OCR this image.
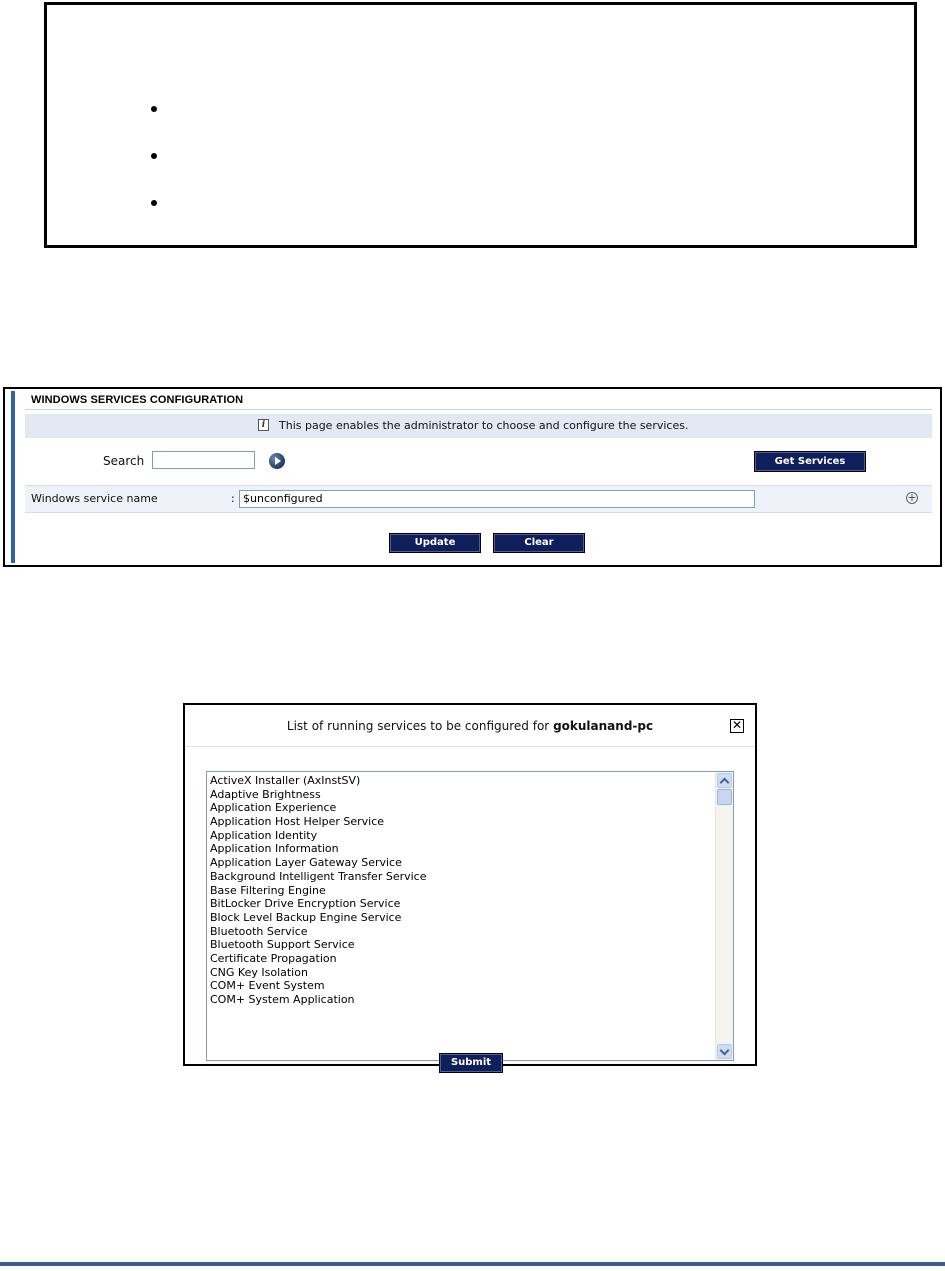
WINDOWS SERVICES CONFIGURATION
i	This page enables the administrator to choose and configure the services.
Search	Get Services
Windows service name	: $unconfigured	+
Update	Clear
List of running services to be configured for gokulanand-pc	✕
ActiveX Installer (AxInstSV)
Adaptive Brightness
Application Experience
Application Host Helper Service
Application Identity
Application Information
Application Layer Gateway Service
Background Intelligent Transfer Service
Base Filtering Engine
BitLocker Drive Encryption Service
Block Level Backup Engine Service
Bluetooth Service
Bluetooth Support Service
Certificate Propagation
CNG Key Isolation
COM+ Event System
COM+ System Application
Submit
